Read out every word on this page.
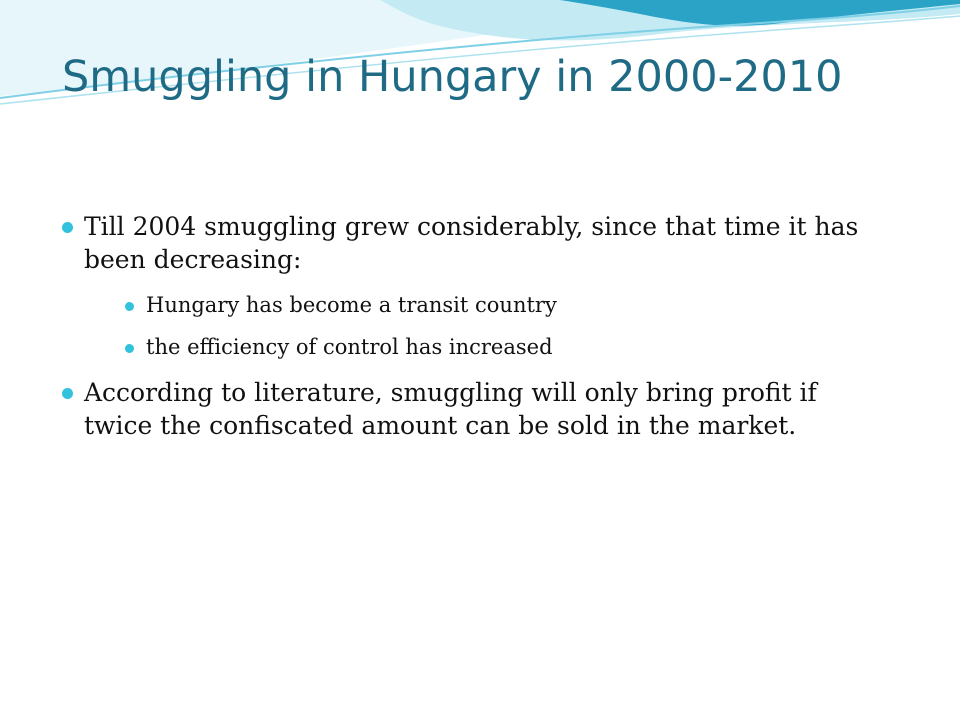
Smuggling in Hungary in 2000-2010
Till 2004 smuggling grew considerably, since that time it has been decreasing:
Hungary has become a transit country
the efficiency of control has increased
According to literature, smuggling will only bring profit if twice the confiscated amount can be sold in the market.
